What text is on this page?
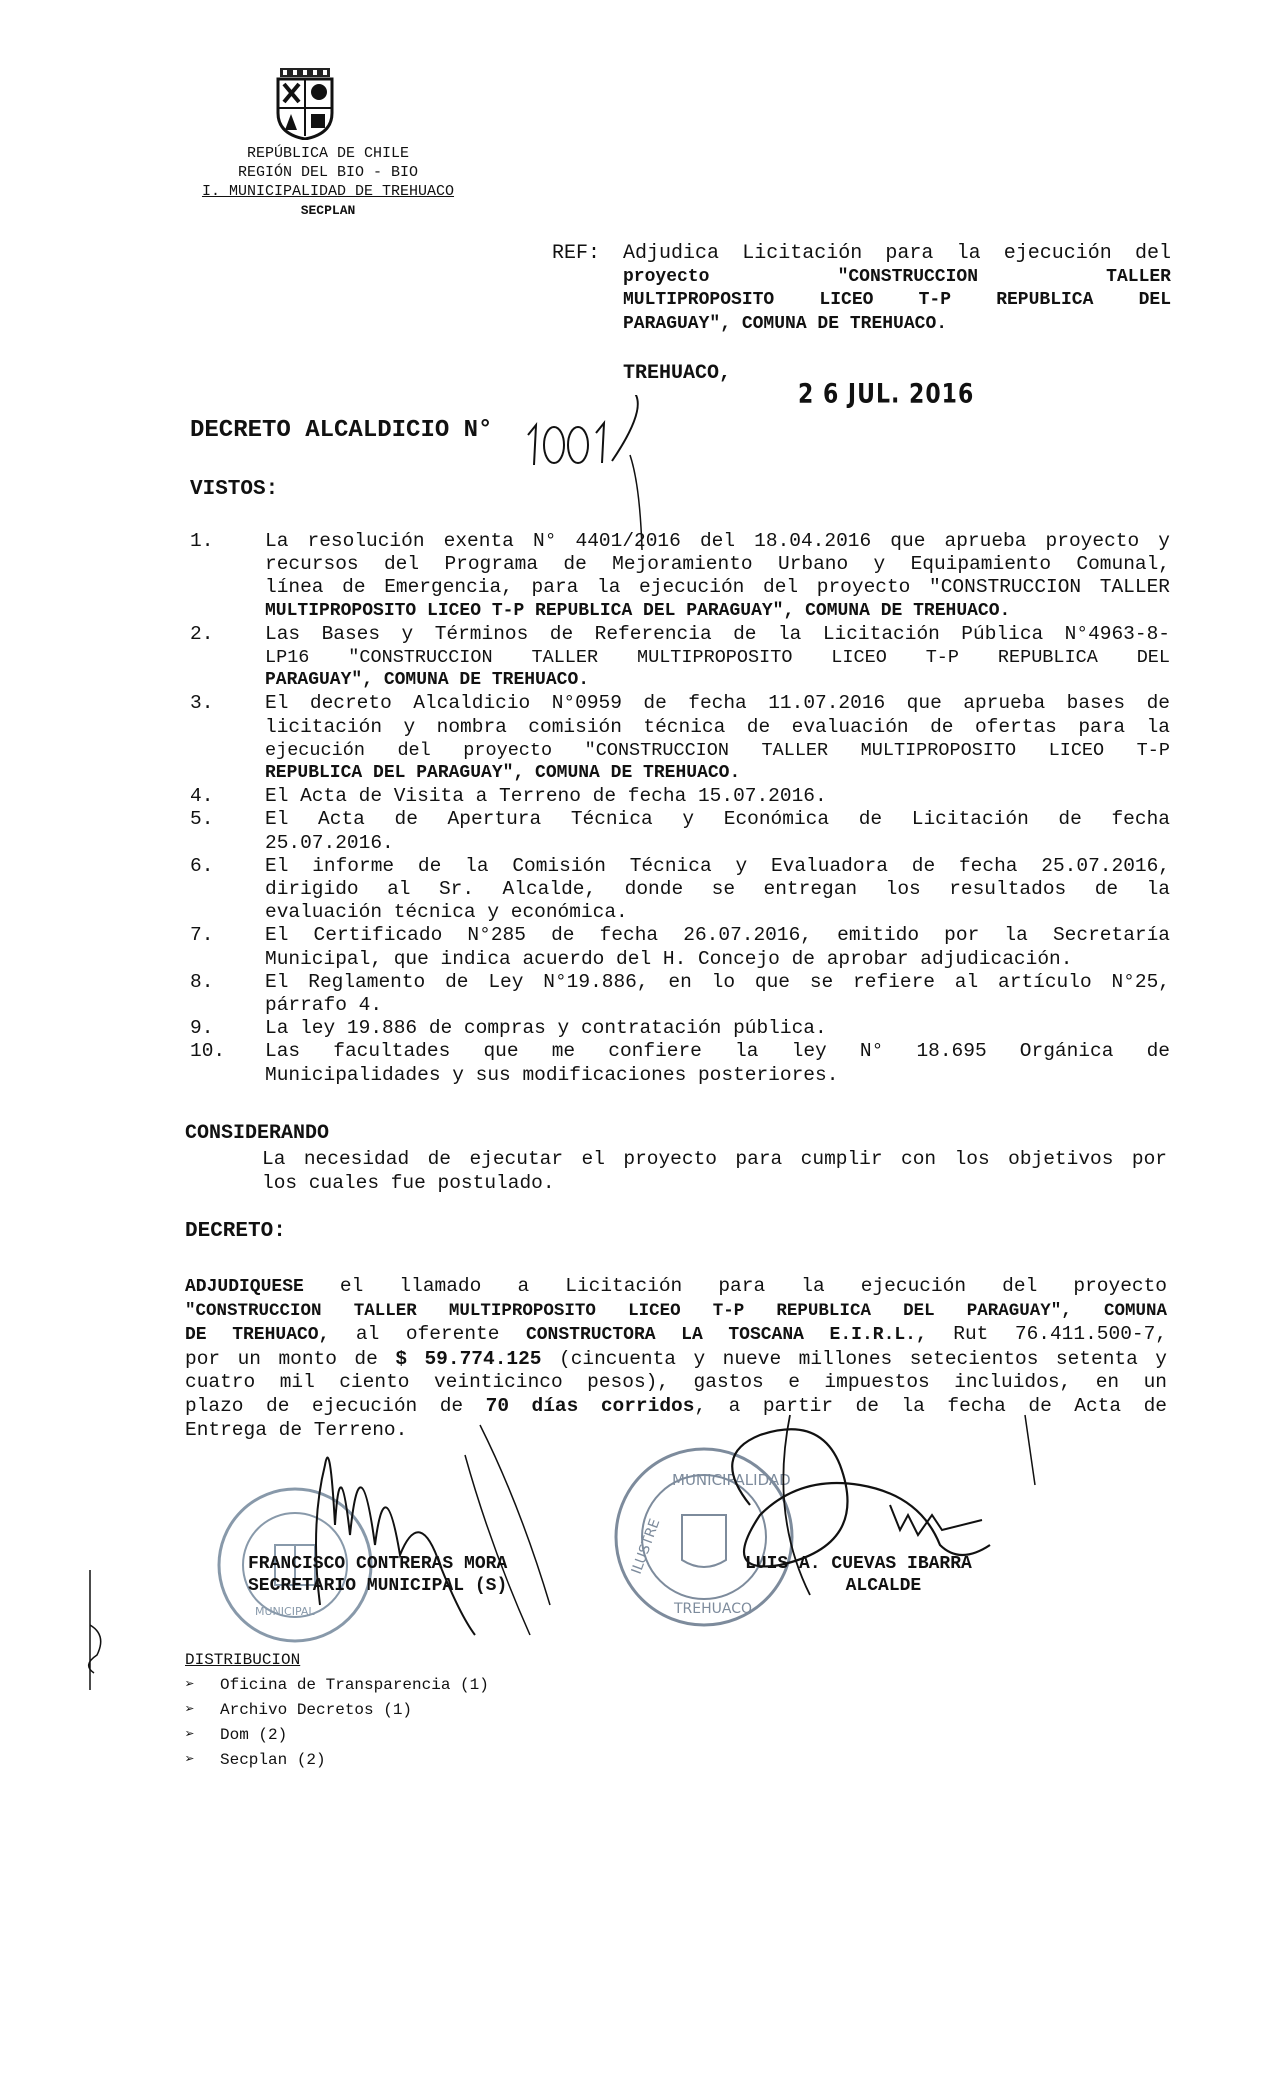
REPÚBLICA DE CHILE
REGIÓN DEL BIO - BIO
I. MUNICIPALIDAD DE TREHUACO
SECPLAN
REF: Adjudica Licitación para la ejecución del
proyecto "CONSTRUCCION TALLER
MULTIPROPOSITO LICEO T-P REPUBLICA DEL
PARAGUAY", COMUNA DE TREHUACO.
TREHUACO,
2 6 JUL. 2016
DECRETO ALCALDICIO N°
VISTOS:
1.	La resolución exenta N° 4401/2016 del 18.04.2016 que aprueba proyecto y
recursos del Programa de Mejoramiento Urbano y Equipamiento Comunal,
línea de Emergencia, para la ejecución del proyecto "CONSTRUCCION TALLER
MULTIPROPOSITO LICEO T-P REPUBLICA DEL PARAGUAY", COMUNA DE TREHUACO.
2.	Las Bases y Términos de Referencia de la Licitación Pública N°4963-8-
LP16 "CONSTRUCCION TALLER MULTIPROPOSITO LICEO T-P REPUBLICA DEL
PARAGUAY", COMUNA DE TREHUACO.
3.	El decreto Alcaldicio N°0959 de fecha 11.07.2016 que aprueba bases de
licitación y nombra comisión técnica de evaluación de ofertas para la
ejecución del proyecto "CONSTRUCCION TALLER MULTIPROPOSITO LICEO T-P
REPUBLICA DEL PARAGUAY", COMUNA DE TREHUACO.
4.	El Acta de Visita a Terreno de fecha 15.07.2016.
5.	El Acta de Apertura Técnica y Económica de Licitación de fecha
25.07.2016.
6.	El informe de la Comisión Técnica y Evaluadora de fecha 25.07.2016,
dirigido al Sr. Alcalde, donde se entregan los resultados de la
evaluación técnica y económica.
7.	El Certificado N°285 de fecha 26.07.2016, emitido por la Secretaría
Municipal, que indica acuerdo del H. Concejo de aprobar adjudicación.
8.	El Reglamento de Ley N°19.886, en lo que se refiere al artículo N°25,
párrafo 4.
9.	La ley 19.886 de compras y contratación pública.
10.	Las facultades que me confiere la ley N° 18.695 Orgánica de
Municipalidades y sus modificaciones posteriores.
CONSIDERANDO
La necesidad de ejecutar el proyecto para cumplir con los objetivos por
los cuales fue postulado.
DECRETO:
ADJUDIQUESE el llamado a Licitación para la ejecución del proyecto
"CONSTRUCCION TALLER MULTIPROPOSITO LICEO T-P REPUBLICA DEL PARAGUAY", COMUNA
DE TREHUACO, al oferente CONSTRUCTORA LA TOSCANA E.I.R.L., Rut 76.411.500-7,
por un monto de $ 59.774.125 (cincuenta y nueve millones setecientos setenta y
cuatro mil ciento veinticinco pesos), gastos e impuestos incluidos, en un
plazo de ejecución de 70 días corridos, a partir de la fecha de Acta de
Entrega de Terreno.
MUNICIPAL
MUNICIPALIDAD
TREHUACO
ILUSTRE
FRANCISCO CONTRERAS MORA
SECRETARIO MUNICIPAL (S)
LUIS A. CUEVAS IBARRA
ALCALDE
DISTRIBUCION
➢	Oficina de Transparencia (1)
➢	Archivo Decretos (1)
➢	Dom (2)
➢	Secplan (2)
